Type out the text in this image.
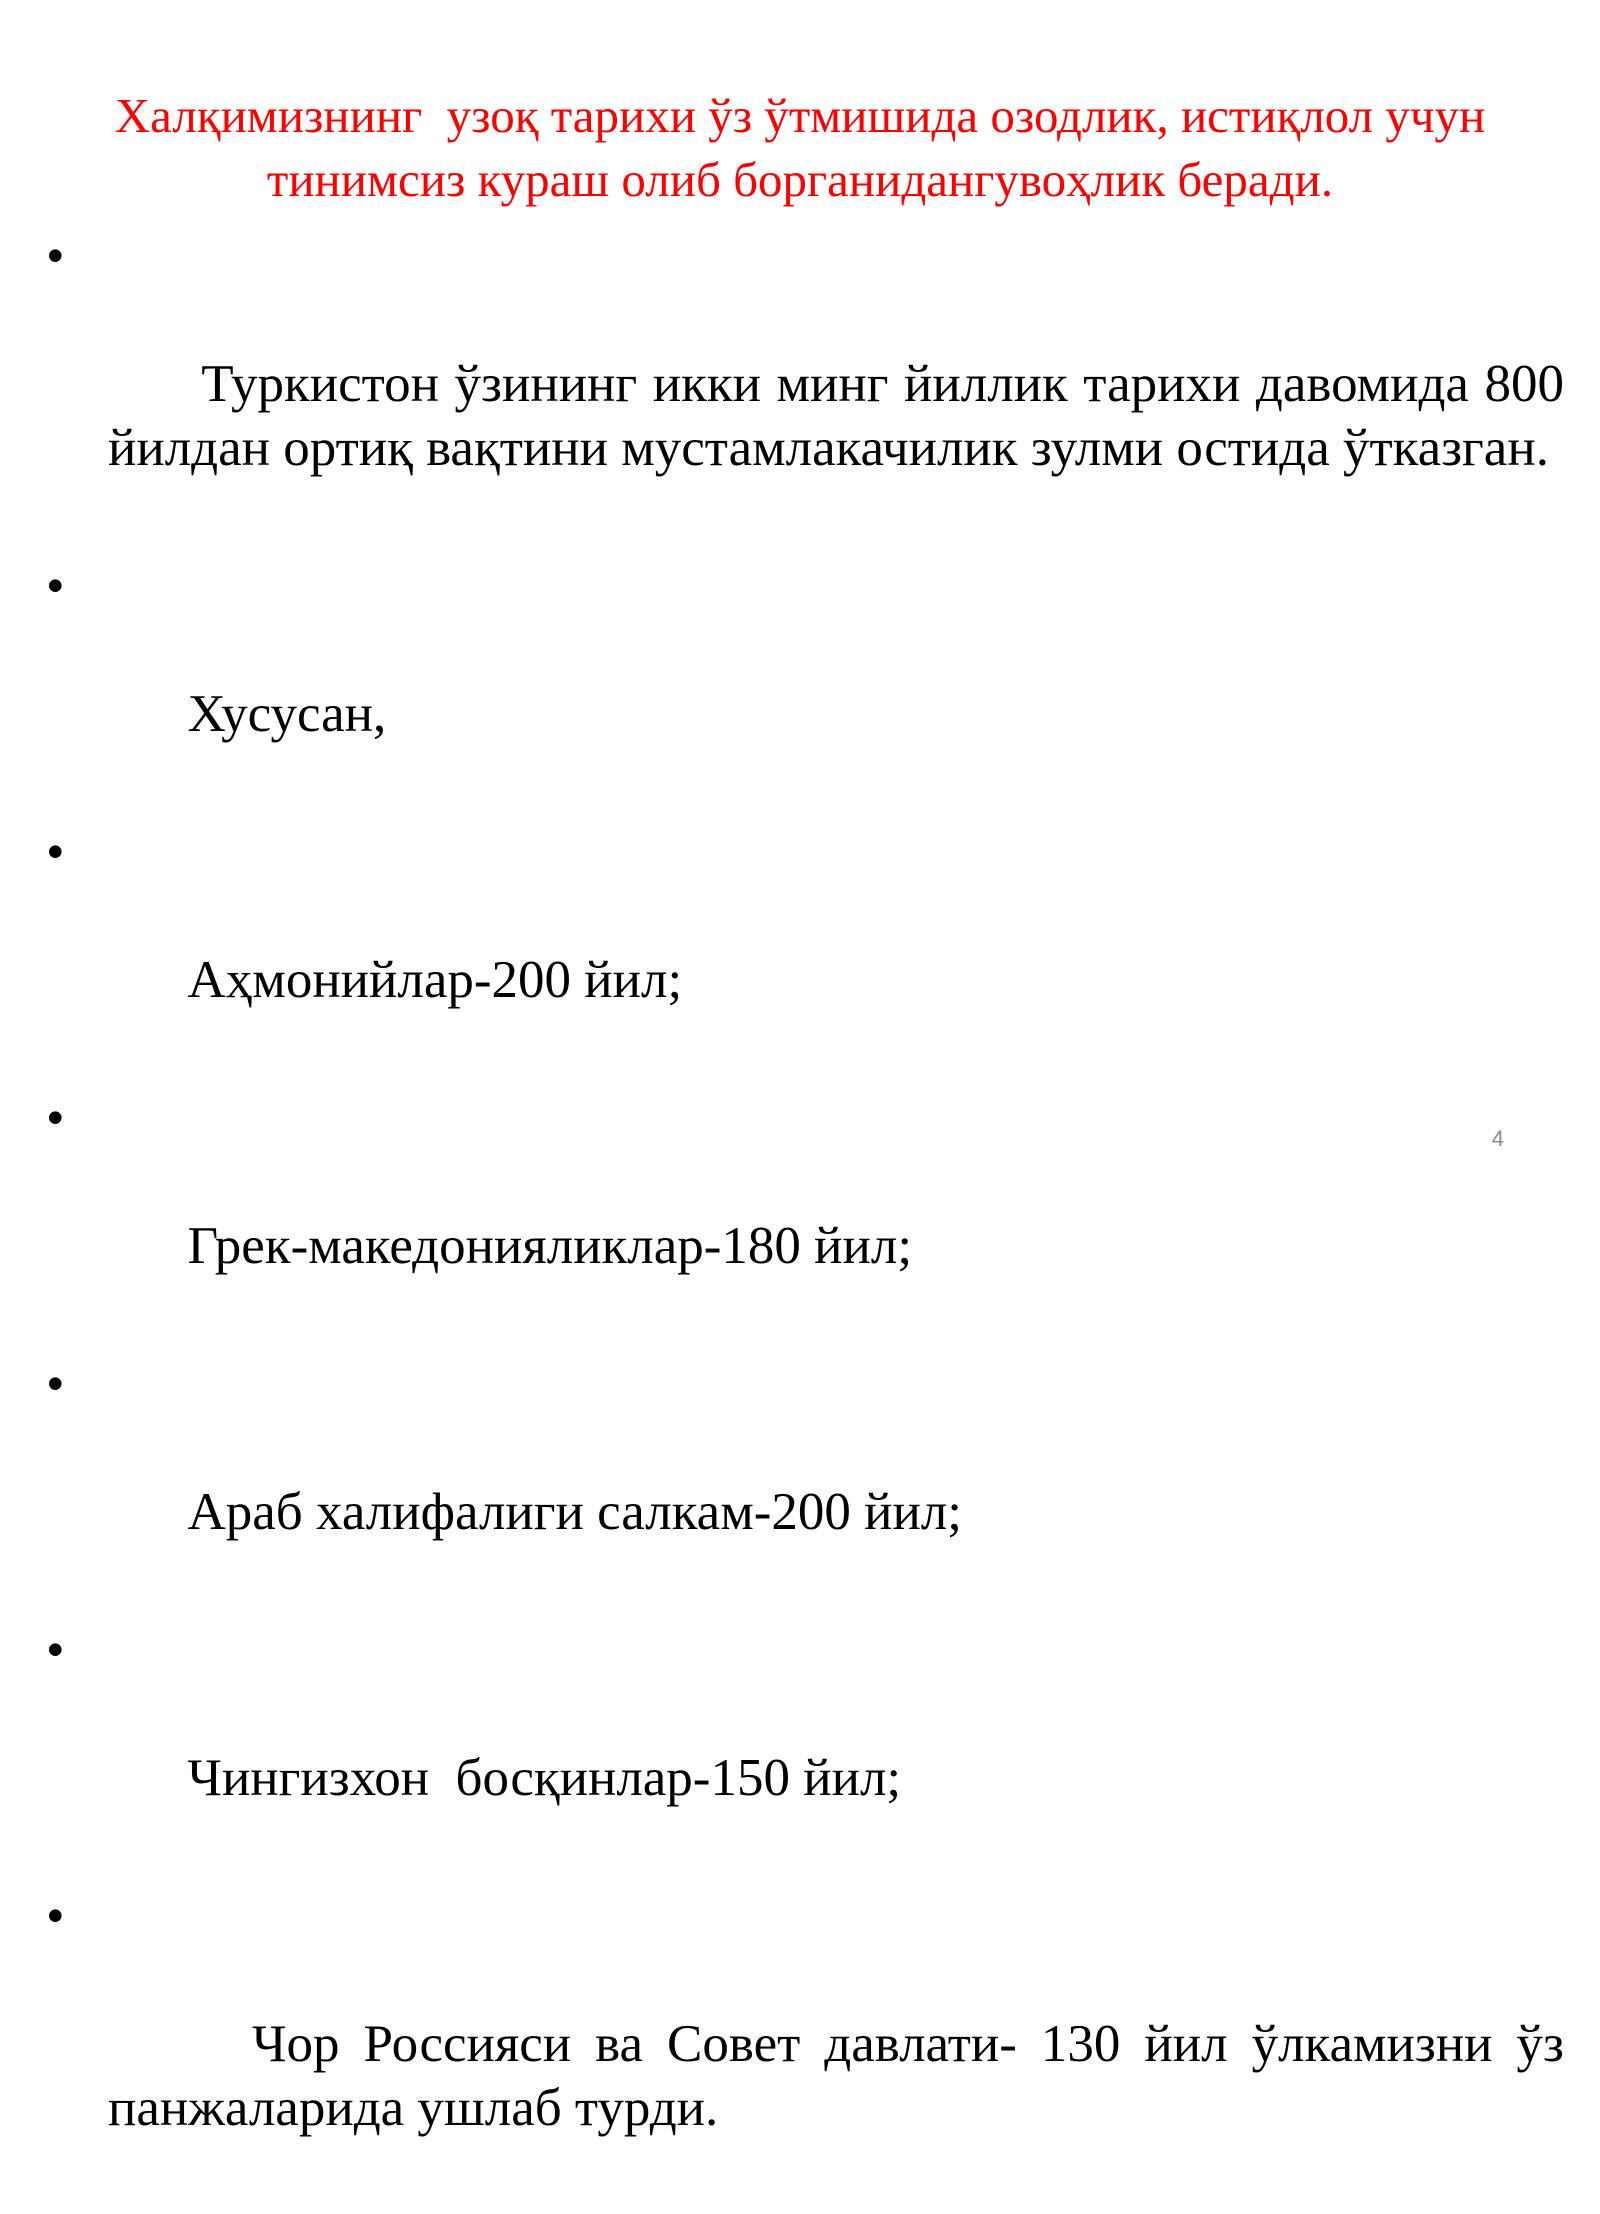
Халқимизнинг  узоқ тарихи ўз ўтмишида озодлик, истиқлол учун тинимсиз кураш олиб борганидангувоҳлик беради.

•

Туркистон ўзининг икки минг йиллик тарихи давомида 800 йилдан ортиқ вақтини мустамлакачилик зулми остида ўтказган.

•

Хусусан,

•

Аҳмонийлар-200 йил;

•

Грек-македонияликлар-180 йил;

•

Араб халифалиги салкам-200 йил;

•

Чингизхон  босқинлар-150 йил;

•

Чор Россияси ва Совет давлати- 130 йил ўлкамизни ўз панжаларида ушлаб турди.

4
